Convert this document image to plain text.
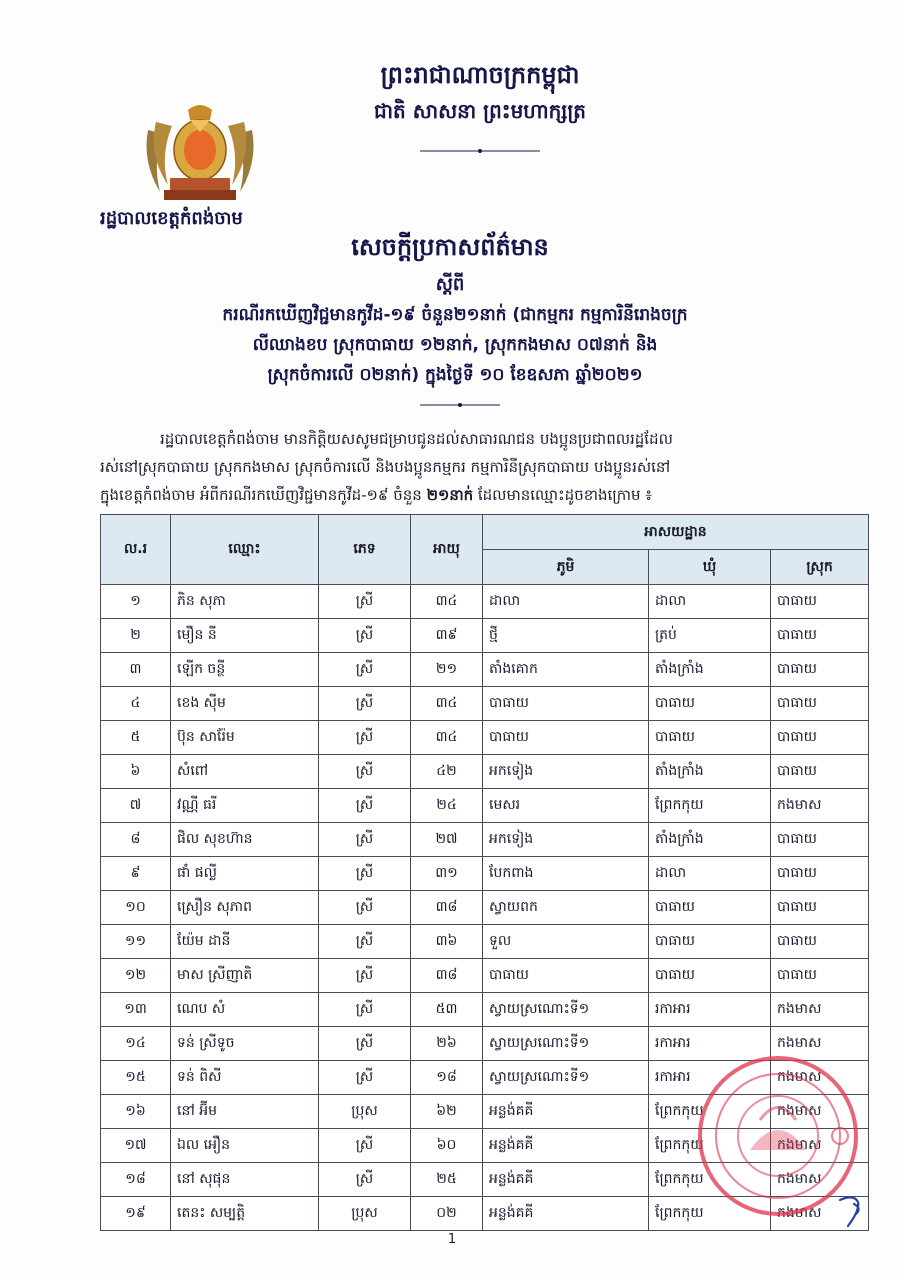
ព្រះរាជាណាចក្រកម្ពុជា
ជាតិ សាសនា ព្រះមហាក្សត្រ
រដ្ឋបាលខេត្តកំពង់ចាម
សេចក្ដីប្រកាសព័ត៌មាន
ស្ដីពី
ករណីរកឃើញវិជ្ជមានកូវីដ-១៩ ចំនួន២១នាក់ (ជាកម្មករ កម្មការិនីរោងចក្រ
លីឈាងខប ស្រុកបាធាយ ១២នាក់, ស្រុកកងមាស ០៧នាក់ និង
ស្រុកចំការលើ ០២នាក់) ក្នុងថ្ងៃទី ១០ ខែឧសភា ឆ្នាំ២០២១
រដ្ឋបាលខេត្តកំពង់ចាម មានកិត្តិយសសូមជម្រាបជូនដល់សាធារណជន បងប្អូនប្រជាពលរដ្ឋដែល
រស់នៅស្រុកបាធាយ ស្រុកកងមាស ស្រុកចំការលើ និងបងប្អូនកម្មករ កម្មការិនីស្រុកបាធាយ បងប្អូនរស់នៅ
ក្នុងខេត្តកំពង់ចាម អំពីករណីរកឃើញវិជ្ជមានកូវីដ-១៩ ចំនួន ២១នាក់ ដែលមានឈ្មោះដូចខាងក្រោម ៖
ល.រ	ឈ្មោះ	ភេទ	អាយុ	អាសយដ្ឋាន		
				ភូមិ	ឃុំ	ស្រុក
១	ភិន សុភា	ស្រី	៣៤	ដាលា	ដាលា	បាធាយ
២	មឿន នី	ស្រី	៣៩	ថ្មី	ត្រប់	បាធាយ
៣	ឡើក ចន្ថី	ស្រី	២១	តាំងគោក	តាំងក្រាំង	បាធាយ
៤	ខេង ស៊ីម	ស្រី	៣៤	បាធាយ	បាធាយ	បាធាយ
៥	ប៊ុន សារ៉ែម	ស្រី	៣៤	បាធាយ	បាធាយ	បាធាយ
៦	សំពៅ	ស្រី	៤២	អកទៀង	តាំងក្រាំង	បាធាយ
៧	វណ្ណី ធរី	ស្រី	២៤	មេសរ	ព្រែកកុយ	កងមាស
៨	ផិល សុខហ៊ាន	ស្រី	២៧	អកទៀង	តាំងក្រាំង	បាធាយ
៩	ផាំ ផល្លី	ស្រី	៣១	បែកពាង	ដាលា	បាធាយ
១០	ស្រឿន សុភាព	ស្រី	៣៨	ស្វាយពក	បាធាយ	បាធាយ
១១	យ៉ែម ដានី	ស្រី	៣៦	ទួល	បាធាយ	បាធាយ
១២	មាស ស្រីញាតិ	ស្រី	៣៨	បាធាយ	បាធាយ	បាធាយ
១៣	ណេប សំ	ស្រី	៥៣	ស្វាយស្រណោះទី១	រកាអារ	កងមាស
១៤	ទន់ ស្រីទូច	ស្រី	២៦	ស្វាយស្រណោះទី១	រកាអារ	កងមាស
១៥	ទន់ ពិសី	ស្រី	១៨	ស្វាយស្រណោះទី១	រកាអារ	កងមាស
១៦	នៅ អ៊ីម	ប្រុស	៦២	អន្លង់គគី	ព្រែកកុយ	កងមាស
១៧	ឯល អឿន	ស្រី	៦០	អន្លង់គគី	ព្រែកកុយ	កងមាស
១៨	នៅ សុផុន	ស្រី	២៥	អន្លង់គគី	ព្រែកកុយ	កងមាស
១៩	តេនះ សម្បត្តិ	ប្រុស	០២	អន្លង់គគី	ព្រែកកុយ	កងមាស
1
